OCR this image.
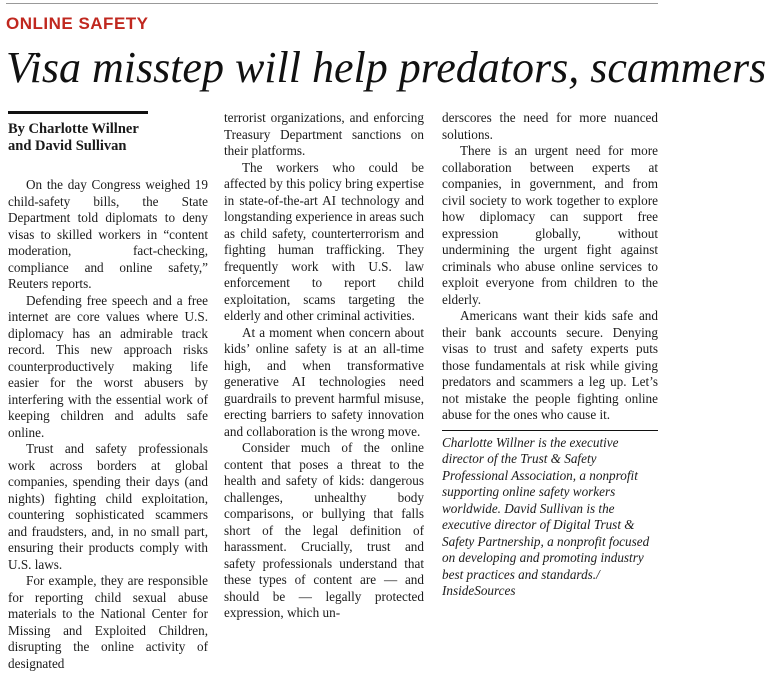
ONLINE SAFETY
Visa misstep will help predators, scammers
By Charlotte Willner
and David Sullivan

On the day Congress weighed 19 child-safety bills, the State Department told diplomats to deny visas to skilled workers in “content moderation, fact-checking, compliance and online safety,” Reuters reports.

Defending free speech and a free internet are core values where U.S. diplomacy has an admirable track record. This new approach risks counterproductively making life easier for the worst abusers by interfering with the essential work of keeping children and adults safe online.

Trust and safety professionals work across borders at global companies, spending their days (and nights) fighting child exploitation, countering sophisticated scammers and fraudsters, and, in no small part, ensuring their products comply with U.S. laws.

For example, they are responsible for reporting child sexual abuse materials to the National Center for Missing and Exploited Children, disrupting the online activity of designated

terrorist organizations, and enforcing Treasury Department sanctions on their platforms.

The workers who could be affected by this policy bring expertise in state-of-the-art AI technology and longstanding experience in areas such as child safety, counterterrorism and fighting human trafficking. They frequently work with U.S. law enforcement to report child exploitation, scams targeting the elderly and other criminal activities.

At a moment when concern about kids’ online safety is at an all-time high, and when transformative generative AI technologies need guardrails to prevent harmful misuse, erecting barriers to safety innovation and collaboration is the wrong move.

Consider much of the online content that poses a threat to the health and safety of kids: dangerous challenges, unhealthy body comparisons, or bullying that falls short of the legal definition of harassment. Crucially, trust and safety professionals understand that these types of content are — and should be — legally protected expression, which un-

derscores the need for more nuanced solutions.

There is an urgent need for more collaboration between experts at companies, in government, and from civil society to work together to explore how diplomacy can support free expression globally, without undermining the urgent fight against criminals who abuse online services to exploit everyone from children to the elderly.

Americans want their kids safe and their bank accounts secure. Denying visas to trust and safety experts puts those fundamentals at risk while giving predators and scammers a leg up. Let’s not mistake the people fighting online abuse for the ones who cause it.

Charlotte Willner is the executive director of the Trust & Safety Professional Association, a nonprofit supporting online safety workers worldwide. David Sullivan is the executive director of Digital Trust & Safety Partnership, a nonprofit focused on developing and promoting industry best practices and standards./ InsideSources
